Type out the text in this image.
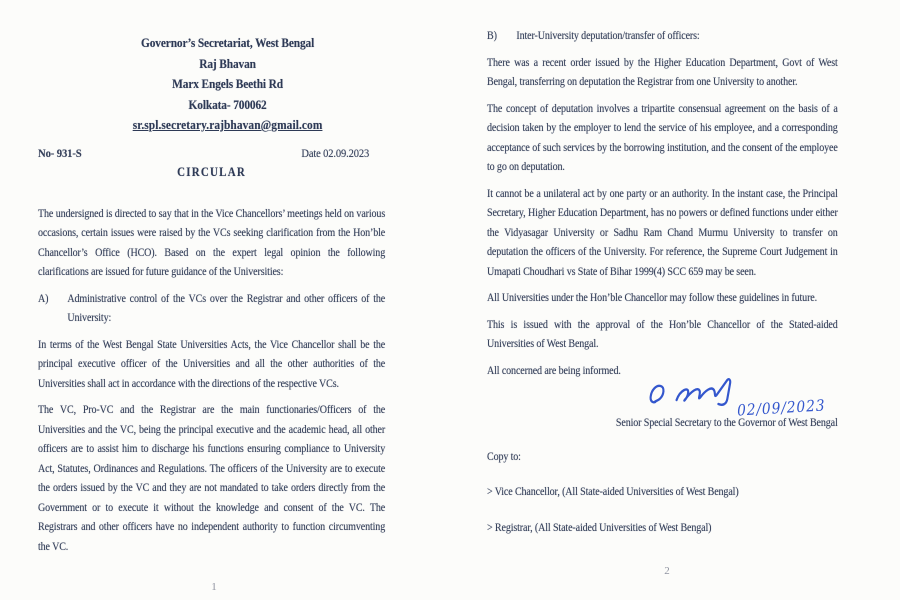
Governor’s Secretariat, West Bengal
Raj Bhavan
Marx Engels Beethi Rd
Kolkata- 700062
sr.spl.secretary.rajbhavan@gmail.com
No- 931-S	Date 02.09.2023
CIRCULAR

The undersigned is directed to say that in the Vice Chancellors’ meetings held on various occasions, certain issues were raised by the VCs seeking clarification from the Hon’ble Chancellor’s Office (HCO). Based on the expert legal opinion the following clarifications are issued for future guidance of the Universities:

A)	Administrative control of the VCs over the Registrar and other officers of the University:

In terms of the West Bengal State Universities Acts, the Vice Chancellor shall be the principal executive officer of the Universities and all the other authorities of the Universities shall act in accordance with the directions of the respective VCs.

The VC, Pro-VC and the Registrar are the main functionaries/Officers of the Universities and the VC, being the principal executive and the academic head, all other officers are to assist him to discharge his functions ensuring compliance to University Act, Statutes, Ordinances and Regulations. The officers of the University are to execute the orders issued by the VC and they are not mandated to take orders directly from the Government or to execute it without the knowledge and consent of the VC. The Registrars and other officers have no independent authority to function circumventing the VC.

B)	Inter-University deputation/transfer of officers:

There was a recent order issued by the Higher Education Department, Govt of West Bengal, transferring on deputation the Registrar from one University to another.

The concept of deputation involves a tripartite consensual agreement on the basis of a decision taken by the employer to lend the service of his employee, and a corresponding acceptance of such services by the borrowing institution, and the consent of the employee to go on deputation.

It cannot be a unilateral act by one party or an authority. In the instant case, the Principal Secretary, Higher Education Department, has no powers or defined functions under either the Vidyasagar University or Sadhu Ram Chand Murmu University to transfer on deputation the officers of the University. For reference, the Supreme Court Judgement in Umapati Choudhari vs State of Bihar 1999(4) SCC 659 may be seen.

All Universities under the Hon’ble Chancellor may follow these guidelines in future.

This is issued with the approval of the Hon’ble Chancellor of the Stated-aided Universities of West Bengal.

All concerned are being informed.

02/09/2023
Senior Special Secretary to the Governor of West Bengal
Copy to:
> Vice Chancellor, (All State-aided Universities of West Bengal)
> Registrar, (All State-aided Universities of West Bengal)
1
2
